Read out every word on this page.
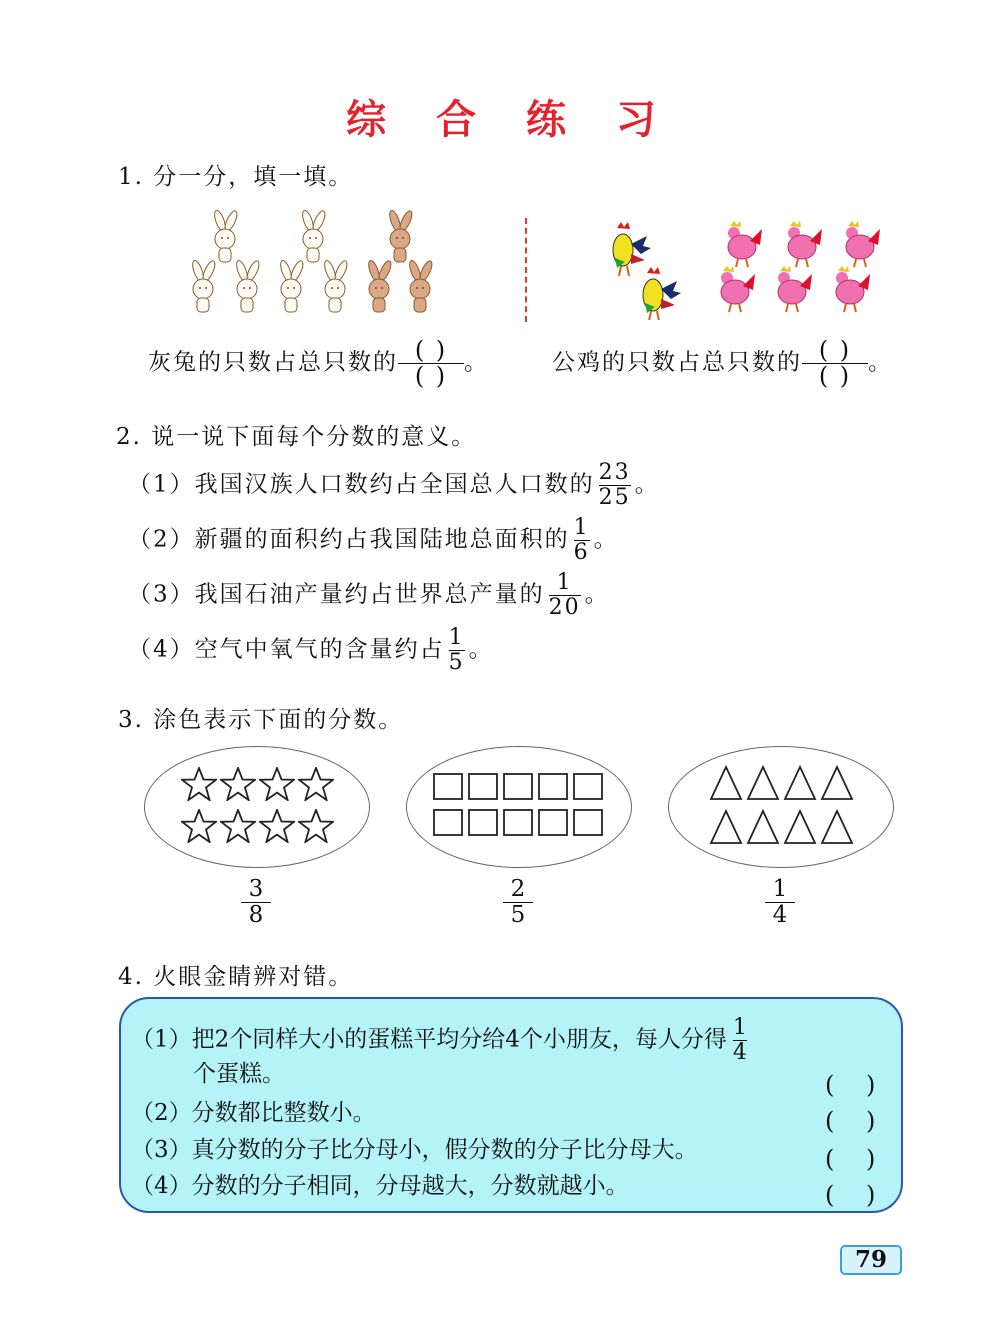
综 合 练 习
1. 分一分，填一填。
灰兔的只数占总只数的 ( )
( ) 。	公鸡的只数占总只数的 ( )
( ) 。
2. 说一说下面每个分数的意义。
3. 涂色表示下面的分数。
4. 火眼金睛辨对错。
（1）把2个同样大小的蛋糕平均分给4个小朋友，每人分得 $\frac{1}{4}$
个蛋糕。	( )
（2）分数都比整数小。	( )
（3）真分数的分子比分母小，假分数的分子比分母大。	( )
（4）分数的分子相同，分母越大，分数就越小。	( )
79
（1）我国汉族人口数约占全国总人口数的 $\frac{23}{25}$ 。
（2）新疆的面积约占我国陆地总面积的 $\frac{1}{6}$ 。
（3）我国石油产量约占世界总产量的 $\frac{1}{20}$ 。
（4）空气中氧气的含量约占 $\frac{1}{5}$ 。
$\frac{3}{8}$	$\frac{2}{5}$	$\frac{1}{4}$
